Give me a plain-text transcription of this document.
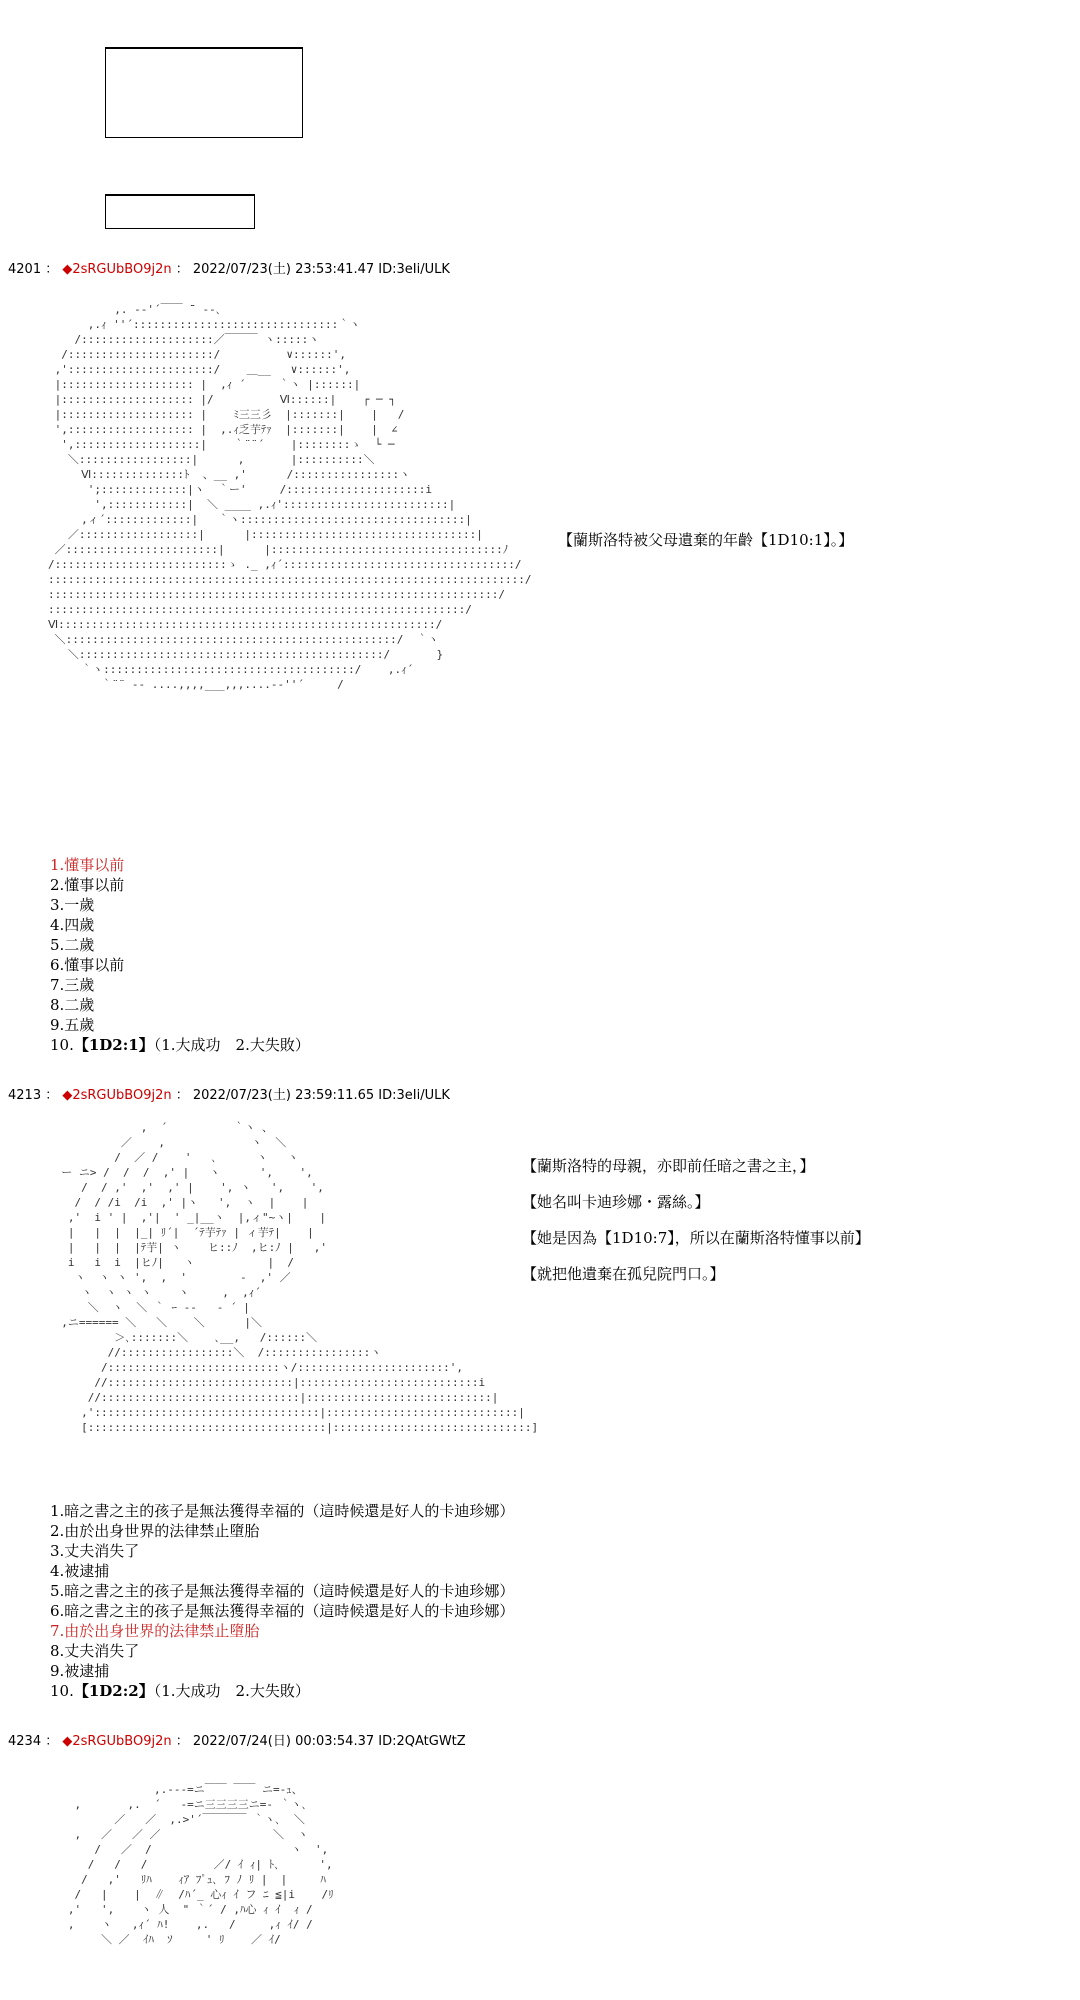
4201 ： ◆2sRGUbBO9j2n ： 2022/07/23(土) 23:53:41.47 ID:3eIi/ULK
,. -‐'´￣￣ ̄¨ ‐-､
,.ｨ ''´:::::::::::::::::::::::::::::::｀ヽ
/::::::::::::::::::::／￣￣￣ ヽ:::::ヽ
/::::::::::::::::::::::/          ∨::::::',
,'::::::::::::::::::::::/    ＿__   ∨::::::',
|:::::::::::::::::::: |  ,ｨ ´     ｀ヽ |::::::|
|:::::::::::::::::::: |/          Ⅵ::::::|    ┌ ─ ┐
|:::::::::::::::::::: |    ﾐ三三彡  |:::::::|    |   /
',::::::::::::::::::: |  ,.ｨ乏芋ﾃｧ  |:::::::|    |  ∠
',:::::::::::::::::::|    ｀¨¨´    |::::::::ゝ  └ ─
＼:::::::::::::::::|      ,       |::::::::::＼
Ⅵ::::::::::::::ﾄ  、__ ,'      /::::::::::::::::ヽ
';:::::::::::::|ヽ  ｀ー'     /:::::::::::::::::::::i
',::::::::::::|  ＼ ____ ,.ｨ':::::::::::::::::::::::::|
,ィ´:::::::::::::|   ｀ヽ::::::::::::::::::::::::::::::::::|
／::::::::::::::::::|      |::::::::::::::::::::::::::::::::::|
／:::::::::::::::::::::::|      |:::::::::::::::::::::::::::::::::::ﾉ
/::::::::::::::::::::::::::ゝ ._ ,ｨ´:::::::::::::::::::::::::::::::::::/
::::::::::::::::::::::::::::::::::::::::::::::::::::::::::::::::::::::::/
::::::::::::::::::::::::::::::::::::::::::::::::::::::::::::::::::::/
:::::::::::::::::::::::::::::::::::::::::::::::::::::::::::::::/
Ⅵ:::::::::::::::::::::::::::::::::::::::::::::::::::::::::/
＼::::::::::::::::::::::::::::::::::::::::::::::::::/  ｀ヽ
＼::::::::::::::::::::::::::::::::::::::::::::::/       }
｀ヽ::::::::::::::::::::::::::::::::::::::/    ,.ｨ´
｀¨¨ ‐- ....,,,,___,,,....-‐''´     /
【蘭斯洛特被父母遺棄的年齡【1D10:1】。】
1.懂事以前
2.懂事以前
3.一歲
4.四歲
5.二歲
6.懂事以前
7.三歲
8.二歲
9.五歲
10.【1D2:1】（1.大成功　2.大失敗）
4213 ： ◆2sRGUbBO9j2n ： 2022/07/23(土) 23:59:11.65 ID:3eIi/ULK
,  ´          ｀ヽ 、
／    ,             ヽ  ＼
/  ／ /    '   ､      ヽ   ヽ
ー ニ> /  /  /  ,' |   ヽ      ',    ',
/  / ,'  ,'  ,' |    ', ヽ   ',    ',
/  / /i  /i  ,' |ヽ   ',  ヽ  |    |
,'  i ' |  ,'|  ' _|__ヽ  |,ィ"~ヽ|    |
|   |  |  |_| ﾘ´|  ´ﾃ芋ﾃｧ | ィ芋ﾃ|    |
|   |  |  |ﾃ芋| ヽ    ヒ::ﾉ  ,ヒ:ﾉ |   ,'
i   i  i  |ヒﾉ|   ヽ           |  /
ヽ  ヽ ヽ ',  ,  '        -  ,' ／
ヽ  ヽ ヽ ヽ    ヽ     ,  ,ｨ´
＼  ヽ  ＼ ｀ ｰ ‐-   ‐ ´ |
,ニ====== ＼   ＼    ＼      |＼
＞､:::::::＼    ､__,   /::::::＼
//:::::::::::::::::＼  /::::::::::::::::ヽ
/::::::::::::::::::::::::::ヽ/:::::::::::::::::::::::',
//::::::::::::::::::::::::::::|:::::::::::::::::::::::::::i
//::::::::::::::::::::::::::::::|::::::::::::::::::::::::::::|
,'::::::::::::::::::::::::::::::::::|:::::::::::::::::::::::::::::|
[::::::::::::::::::::::::::::::::::::|::::::::::::::::::::::::::::::]
【蘭斯洛特的母親，亦即前任暗之書之主，】
【她名叫卡迪珍娜・露絲。】
【她是因為【1D10:7】，所以在蘭斯洛特懂事以前】
【就把他遺棄在孤兒院門口。】
1.暗之書之主的孩子是無法獲得幸福的（這時候還是好人的卡迪珍娜）
2.由於出身世界的法律禁止墮胎
3.丈夫消失了
4.被逮捕
5.暗之書之主的孩子是無法獲得幸福的（這時候還是好人的卡迪珍娜）
6.暗之書之主的孩子是無法獲得幸福的（這時候還是好人的卡迪珍娜）
7.由於出身世界的法律禁止墮胎
8.丈夫消失了
9.被逮捕
10.【1D2:2】（1.大成功　2.大失敗）
4234 ： ◆2sRGUbBO9j2n ： 2022/07/24(日) 00:03:54.37 ID:2QAtGWtZ
,.-‐-=ニ￣￣ ￣￣ ニ=‐ｭ、
,       ,.  ´   ‐=ニ三三三三ニ=‐ ｀ヽ､
／   ／  ,.>'´￣￣￣￣ ｀ヽ､  ＼
,   ／   ／ ／                 ＼  ヽ
/   ／  /                     ヽ  ',
/   /   /          ／/ ｲ ｨ| ﾄ､      ',
/   ,'   ﾘﾊ    ｨｱ ﾌﾟｭ､ ﾌ ﾉ ﾘ |  |     ﾊ
/   |    |  ∥  /ﾊ´_ 心ｨ ｲ フ ﾆ ≦|i    /ﾘ
,'   ',    ヽ 人  " ｀´ / ,ﾊ心 ｨ ｲ  ｨ /
,    ヽ   ,ｨ´ ﾊ!    ,.   /     ,ｨ ｲ/ /
＼ ／  ｲﾊ  ｿ     ' ﾘ    ／ ｲ/
